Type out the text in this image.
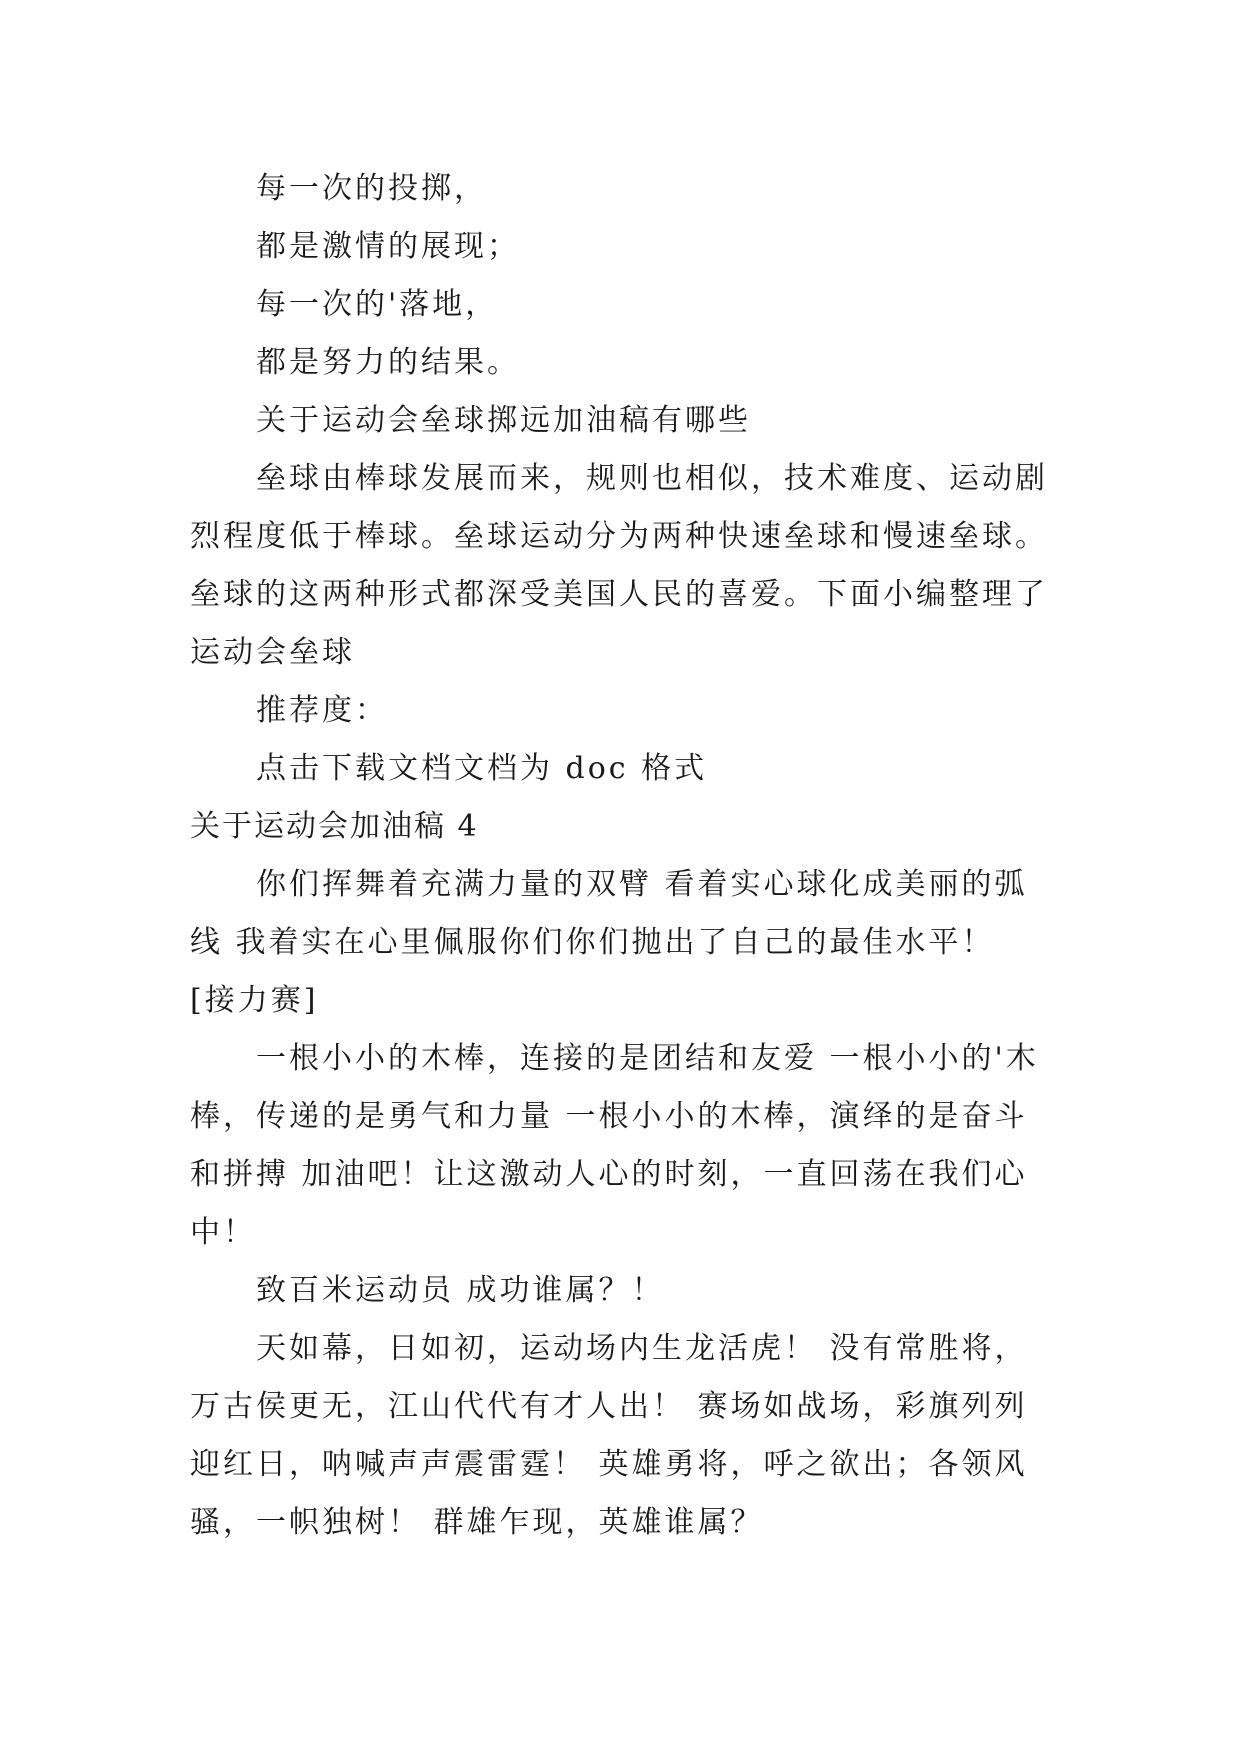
每一次的投掷，
都是激情的展现；
每一次的'落地，
都是努力的结果。
关于运动会垒球掷远加油稿有哪些
垒球由棒球发展而来，规则也相似，技术难度、运动剧
烈程度低于棒球。垒球运动分为两种快速垒球和慢速垒球。
垒球的这两种形式都深受美国人民的喜爱。下面小编整理了
运动会垒球
推荐度：
点击下载文档文档为 doc 格式
关于运动会加油稿 4
你们挥舞着充满力量的双臂 看着实心球化成美丽的弧
线 我着实在心里佩服你们你们抛出了自己的最佳水平！
[接力赛]
一根小小的木棒，连接的是团结和友爱 一根小小的'木
棒，传递的是勇气和力量 一根小小的木棒，演绎的是奋斗
和拼搏 加油吧！让这激动人心的时刻，一直回荡在我们心
中！
致百米运动员 成功谁属？！
天如幕，日如初，运动场内生龙活虎！ 没有常胜将，
万古侯更无，江山代代有才人出！ 赛场如战场，彩旗列列
迎红日，呐喊声声震雷霆！ 英雄勇将，呼之欲出；各领风
骚，一帜独树！ 群雄乍现，英雄谁属？
